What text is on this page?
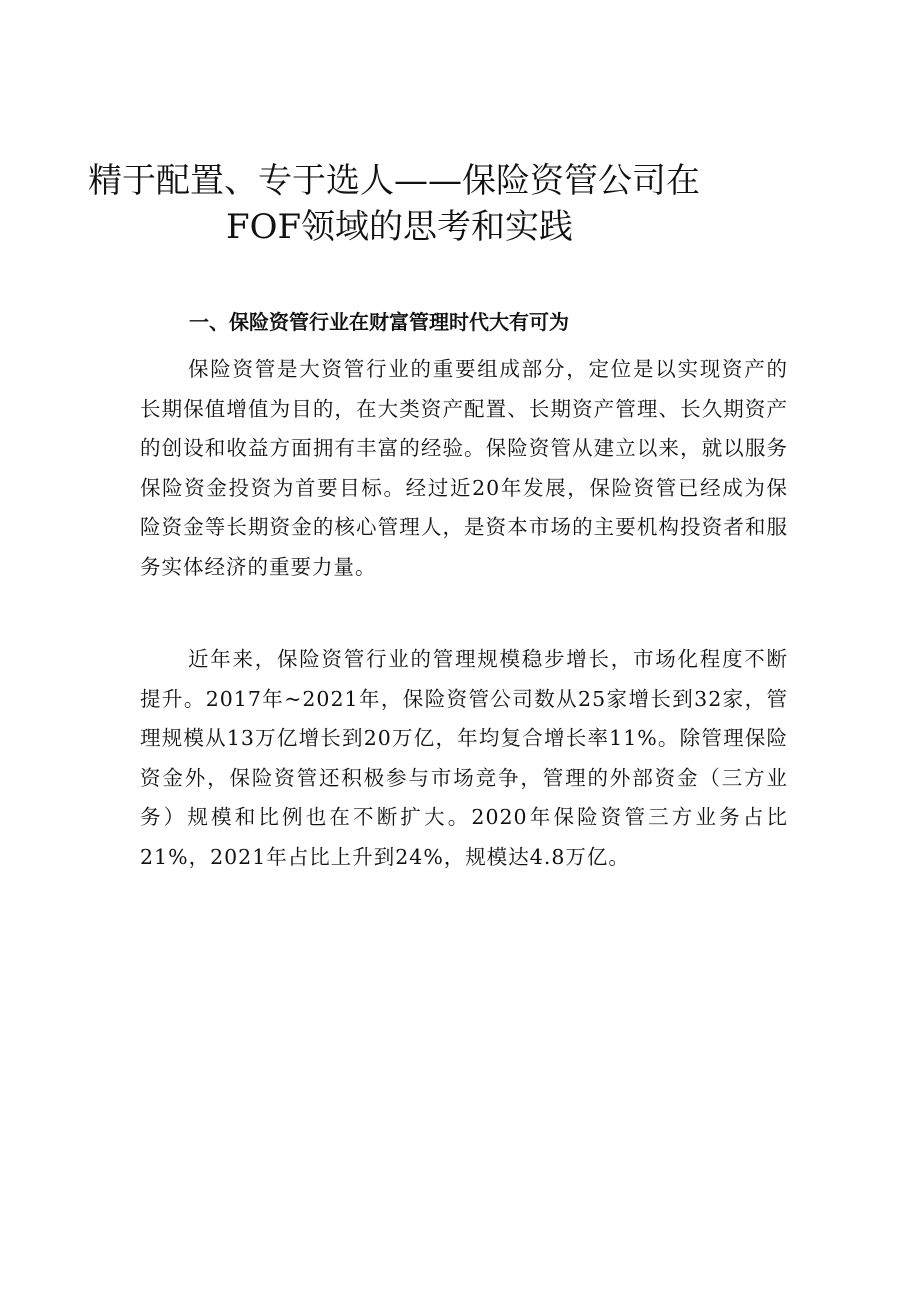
精于配置、专于选人——保险资管公司在
FOF领域的思考和实践
一、保险资管行业在财富管理时代大有可为

保险资管是大资管行业的重要组成部分，定位是以实现资产的长期保值增值为目的，在大类资产配置、长期资产管理、长久期资产的创设和收益方面拥有丰富的经验。保险资管从建立以来，就以服务保险资金投资为首要目标。经过近20年发展，保险资管已经成为保险资金等长期资金的核心管理人，是资本市场的主要机构投资者和服务实体经济的重要力量。

近年来，保险资管行业的管理规模稳步增长，市场化程度不断提升。2017年~2021年，保险资管公司数从25家增长到32家，管理规模从13万亿增长到20万亿，年均复合增长率11%。除管理保险资金外，保险资管还积极参与市场竞争，管理的外部资金（三方业务）规模和比例也在不断扩大。2020年保险资管三方业务占比21%，2021年占比上升到24%，规模达4.8万亿。
